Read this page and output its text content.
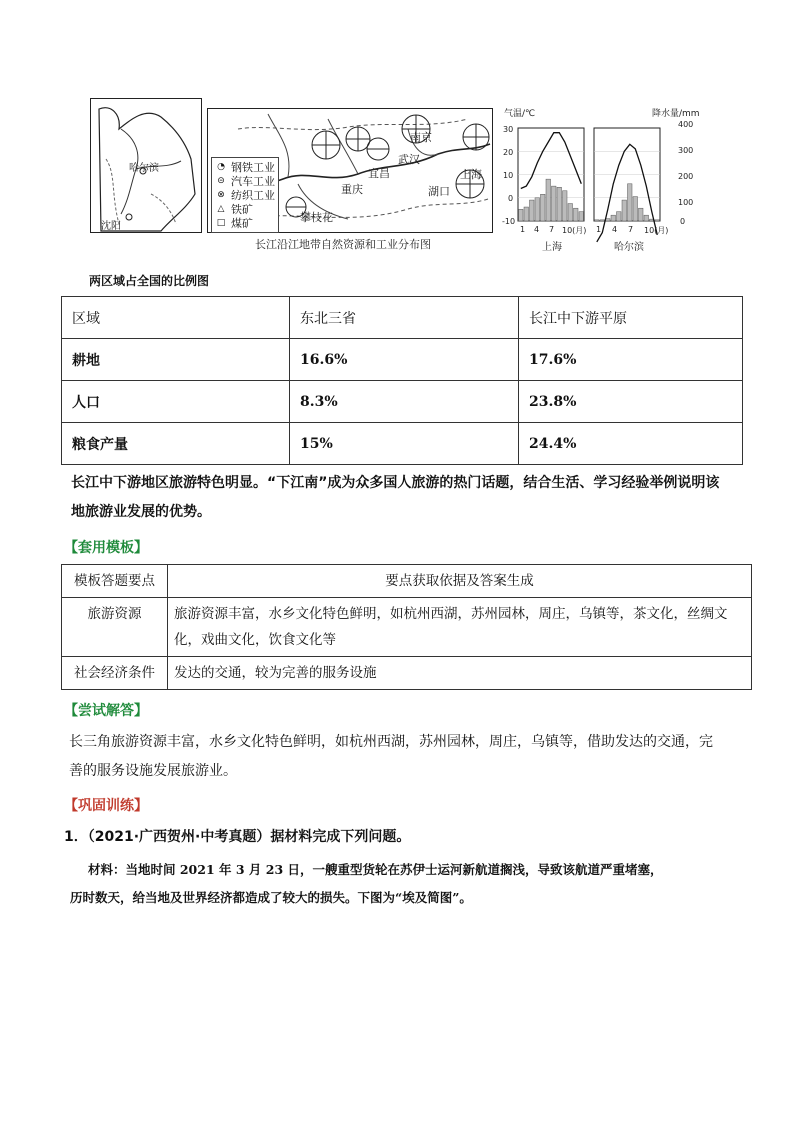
哈尔滨
沈阳
◔ 钢铁工业
⊝ 汽车工业
⊗ 纺织工业
△ 铁矿
□ 煤矿
南京
武汉
宜昌
重庆
上海
湖口
攀枝花
长江沿江地带自然资源和工业分布图
气温/℃	降水量/mm
30
20
10
0
-10
400
300
200
100
0
1 4 7 10(月) 1 4 7 10(月)
上海	哈尔滨
两区域占全国的比例图
区域	东北三省	长江中下游平原
耕地	16.6%	17.6%
人口	8.3%	23.8%
粮食产量	15%	24.4%
长江中下游地区旅游特色明显。“下江南”成为众多国人旅游的热门话题，结合生活、学习经验举例说明该
地旅游业发展的优势。
【套用模板】
模板答题要点	要点获取依据及答案生成
旅游资源	旅游资源丰富，水乡文化特色鲜明，如杭州西湖，苏州园林，周庄，乌镇等，茶文化，丝绸文化，戏曲文化，饮食文化等
社会经济条件	发达的交通，较为完善的服务设施
【尝试解答】
长三角旅游资源丰富，水乡文化特色鲜明，如杭州西湖，苏州园林，周庄，乌镇等，借助发达的交通，完
善的服务设施发展旅游业。
【巩固训练】
1．（2021·广西贺州·中考真题）据材料完成下列问题。
材料：当地时间 2021 年 3 月 23 日，一艘重型货轮在苏伊士运河新航道搁浅，导致该航道严重堵塞，
历时数天，给当地及世界经济都造成了较大的损失。下图为“埃及简图”。
